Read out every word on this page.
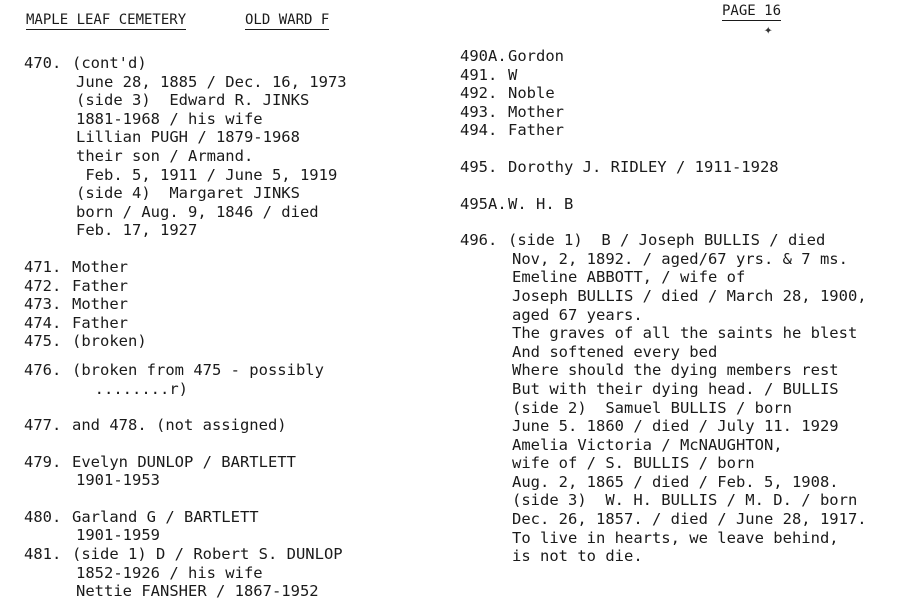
MAPLE LEAF CEMETERY	OLD WARD F
PAGE 16
✦
470. (cont'd)
June 28, 1885 / Dec. 16, 1973
(side 3)  Edward R. JINKS
1881-1968 / his wife
Lillian PUGH / 1879-1968
their son / Armand.
Feb. 5, 1911 / June 5, 1919
(side 4)  Margaret JINKS
born / Aug. 9, 1846 / died
Feb. 17, 1927
471. Mother
472. Father
473. Mother
474. Father
475. (broken)
476. (broken from 475 - possibly
........r)
477. and 478. (not assigned)
479. Evelyn DUNLOP / BARTLETT
1901-1953
480. Garland G / BARTLETT
1901-1959
481. (side 1) D / Robert S. DUNLOP
1852-1926 / his wife
Nettie FANSHER / 1867-1952
490A.Gordon
491. W
492. Noble
493. Mother
494. Father
495. Dorothy J. RIDLEY / 1911-1928
495A.W. H. B
496. (side 1)  B / Joseph BULLIS / died
Nov, 2, 1892. / aged/67 yrs. & 7 ms.
Emeline ABBOTT, / wife of
Joseph BULLIS / died / March 28, 1900,
aged 67 years.
The graves of all the saints he blest
And softened every bed
Where should the dying members rest
But with their dying head. / BULLIS
(side 2)  Samuel BULLIS / born
June 5. 1860 / died / July 11. 1929
Amelia Victoria / McNAUGHTON,
wife of / S. BULLIS / born
Aug. 2, 1865 / died / Feb. 5, 1908.
(side 3)  W. H. BULLIS / M. D. / born
Dec. 26, 1857. / died / June 28, 1917.
To live in hearts, we leave behind,
is not to die.
